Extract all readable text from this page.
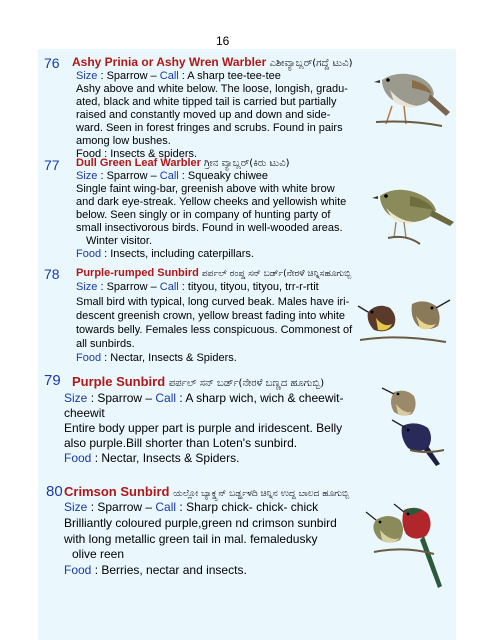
16
76 Ashy Prinia or Ashy Wren Warbler ಎಶೀವ್ಯಾಬ್ಲರ್(ಗದ್ದೆ ಟುವಿ)
Size : Sparrow – Call : A sharp tee-tee-tee
Ashy above and white below. The loose, longish, gradu-
ated, black and white tipped tail is carried but partially
raised and constantly moved up and down and side-
ward. Seen in forest fringes and scrubs. Found in pairs
among low bushes.
Food : Insects & spiders.
77 Dull Green Leaf Warbler ಗ್ರೀನ ವ್ಯಾಬ್ಲರ್(ಕಿರು ಟುವಿ)
Size : Sparrow – Call : Squeaky chiwee
Single faint wing-bar, greenish above with white brow
and dark eye-streak. Yellow cheeks and yellowish white
below. Seen singly or in company of hunting party of
small insectivorous birds. Found in well-wooded areas.
Winter visitor.
Food : Insects, including caterpillars.
78 Purple-rumped Sunbird ಪರ್ಪಲ್ ರಂಪ್ಡ ಸನ್ ಬರ್ಡ್(ನೇರಳೆ ಚಿನ್ನಿಸಹೂಗುಬ್ಬಿ
Size : Sparrow – Call : tityou, tityou, tityou, trr-r-rtit
Small bird with typical, long curved beak. Males have iri-
descent greenish crown, yellow breast fading into white
towards belly. Females less conspicuous. Commonest of
all sunbirds.
Food : Nectar, Insects & Spiders.
79 Purple Sunbird ಪರ್ಪಲ್ ಸನ್ ಬರ್ಡ್(ನೇರಳೆ ಬಣ್ಣದ ಹೂಗುಬ್ಬಿ)
Size : Sparrow – Call : A sharp wich, wich & cheewit-
cheewit
Entire body upper part is purple and iridescent. Belly
also purple.Bill shorter than Loten's sunbird.
Food : Nectar, Insects & Spiders.
80 Crimson Sunbird ಯಲ್ಲೋ ಬ್ಯಾಕ್ಡ್ಸನ್ ಬರ್ಡ್ಹಳದಿ ಚಿನ್ನಿನ ಉದ್ದ ಬಾಲದ ಹೂಗುಬ್ಬಿ
Size : Sparrow – Call : Sharp chick- chick- chick
Brilliantly coloured purple,green nd crimson sunbird
with long metallic green tail in mal. femaledusky
olive reen
Food : Berries, nectar and insects.
